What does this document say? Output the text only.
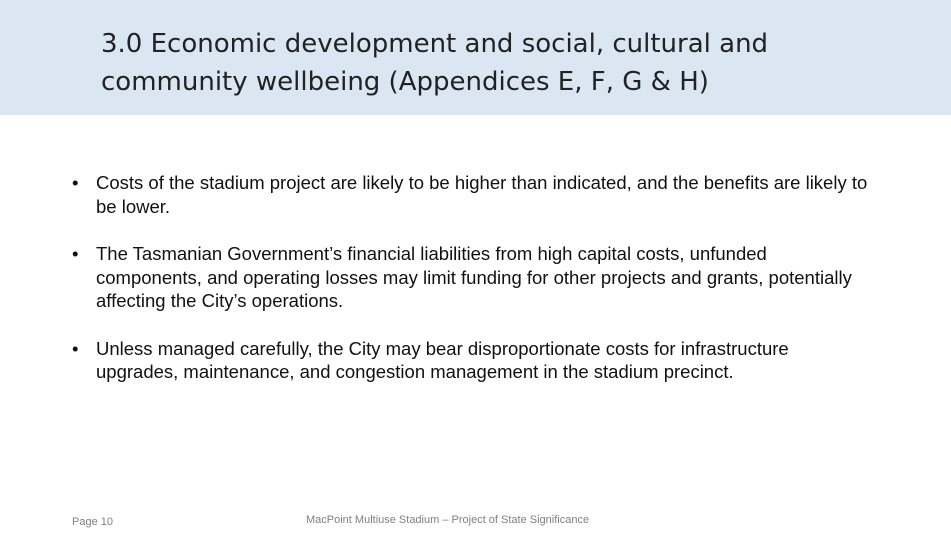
3.0 Economic development and social, cultural and community wellbeing (Appendices E, F, G & H)
• Costs of the stadium project are likely to be higher than indicated, and the benefits are likely to be lower.
• The Tasmanian Government’s financial liabilities from high capital costs, unfunded components, and operating losses may limit funding for other projects and grants, potentially affecting the City’s operations.
• Unless managed carefully, the City may bear disproportionate costs for infrastructure upgrades, maintenance, and congestion management in the stadium precinct.
Page 10	MacPoint Multiuse Stadium – Project of State Significance
